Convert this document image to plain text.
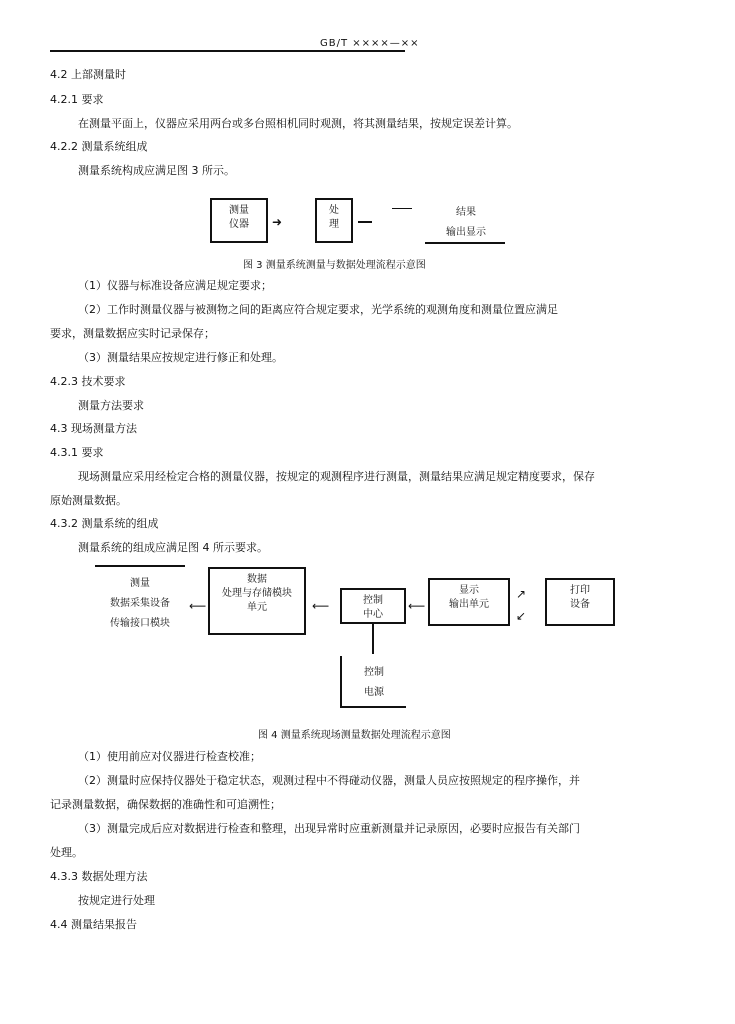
GB/T ××××—××
4.2 上部测量时
4.2.1 要求
在测量平面上，仪器应采用两台或多台照相机同时观测，将其测量结果，按规定误差计算。
4.2.2 测量系统组成
测量系统构成应满足图 3 所示。
测量
仪器	➜
处
理
结果
输出显示
图 3 测量系统测量与数据处理流程示意图
（1）仪器与标准设备应满足规定要求；
（2）工作时测量仪器与被测物之间的距离应符合规定要求，光学系统的观测角度和测量位置应满足
要求，测量数据应实时记录保存；
（3）测量结果应按规定进行修正和处理。
4.2.3 技术要求
测量方法要求
4.3 现场测量方法
4.3.1 要求
现场测量应采用经检定合格的测量仪器，按规定的观测程序进行测量，测量结果应满足规定精度要求，保存
原始测量数据。
4.3.2 测量系统的组成
测量系统的组成应满足图 4 所示要求。
测量
数据采集设备
传输接口模块
⟵
数据
处理与存储模块
单元	⟵	控制
中心
⟵
显示
输出单元
↗
↙
打印
设备
控制
电源
图 4 测量系统现场测量数据处理流程示意图
（1）使用前应对仪器进行检查校准；
（2）测量时应保持仪器处于稳定状态，观测过程中不得碰动仪器，测量人员应按照规定的程序操作，并
记录测量数据，确保数据的准确性和可追溯性；
（3）测量完成后应对数据进行检查和整理，出现异常时应重新测量并记录原因，必要时应报告有关部门
处理。
4.3.3 数据处理方法
按规定进行处理
4.4 测量结果报告
